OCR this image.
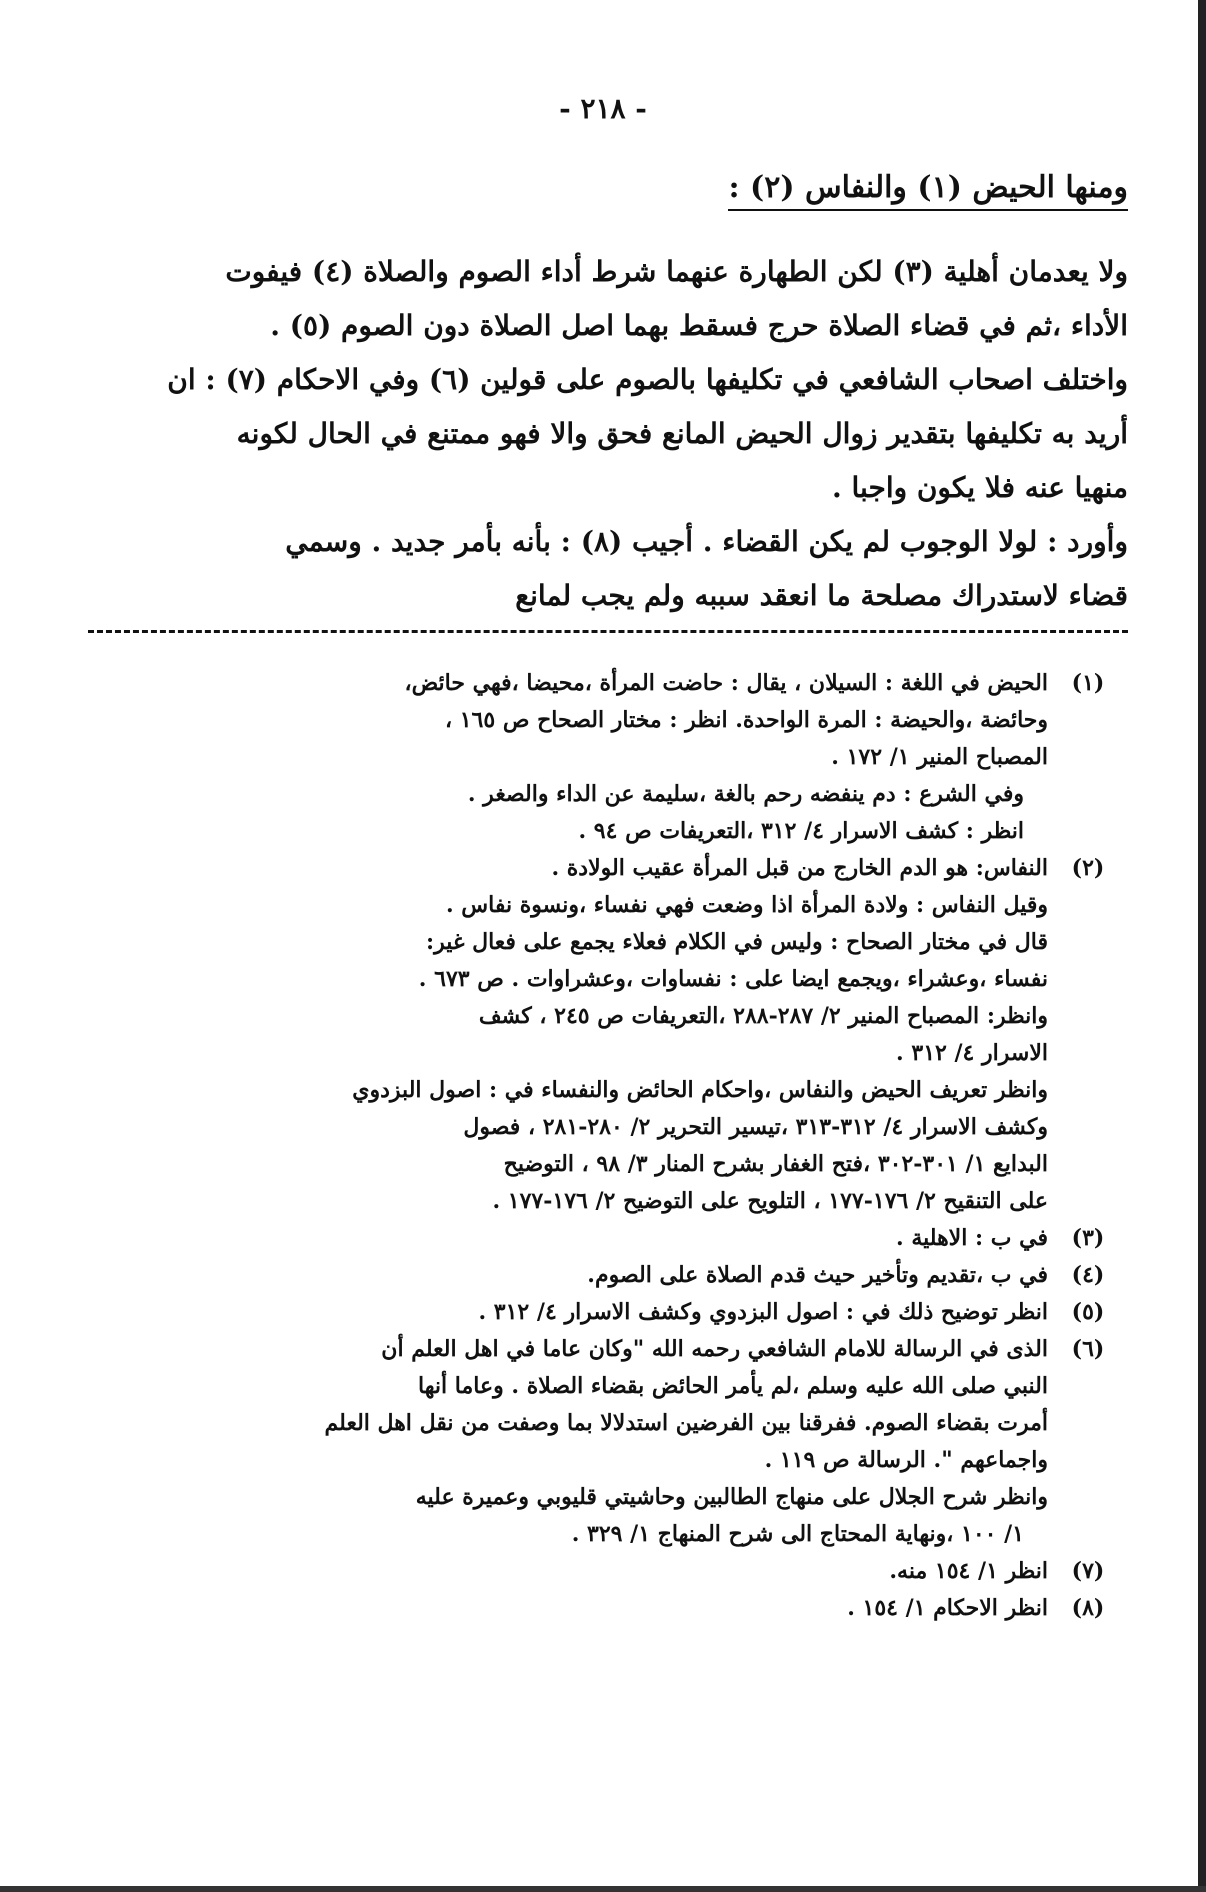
- ٢١٨ -
ومنها الحيض (١) والنفاس (٢) :

ولا يعدمان أهلية (٣) لكن الطهارة عنهما شرط أداء الصوم والصلاة (٤) فيفوت

الأداء ،ثم في قضاء الصلاة حرج فسقط بهما اصل الصلاة دون الصوم (٥) .

واختلف اصحاب الشافعي في تكليفها بالصوم على قولين (٦) وفي الاحكام (٧) : ان

أريد به تكليفها بتقدير زوال الحيض المانع فحق والا فهو ممتنع في الحال لكونه

منهيا عنه فلا يكون واجبا .

وأورد : لولا الوجوب لم يكن القضاء . أجيب (٨) : بأنه بأمر جديد . وسمي

قضاء لاستدراك مصلحة ما انعقد سببه ولم يجب لمانع

(١)

الحيض في اللغة : السيلان ، يقال : حاضت المرأة ،محيضا ،فهي حائض،

وحائضة ،والحيضة : المرة الواحدة. انظر : مختار الصحاح ص ١٦٥ ،

المصباح المنير ١/ ١٧٢ .

وفي الشرع : دم ينفضه رحم بالغة ،سليمة عن الداء والصغر .

انظر : كشف الاسرار ٤/ ٣١٢ ،التعريفات ص ٩٤ .

(٢)

النفاس: هو الدم الخارج من قبل المرأة عقيب الولادة .

وقيل النفاس : ولادة المرأة اذا وضعت فهي نفساء ،ونسوة نفاس .

قال في مختار الصحاح : وليس في الكلام فعلاء يجمع على فعال غير:

نفساء ،وعشراء ،ويجمع ايضا على : نفساوات ،وعشراوات . ص ٦٧٣ .

وانظر: المصباح المنير ٢/ ٢٨٧-٢٨٨ ،التعريفات ص ٢٤٥ ، كشف

الاسرار ٤/ ٣١٢ .

وانظر تعريف الحيض والنفاس ،واحكام الحائض والنفساء في : اصول البزدوي

وكشف الاسرار ٤/ ٣١٢-٣١٣ ،تيسير التحرير ٢/ ٢٨٠-٢٨١ ، فصول

البدايع ١/ ٣٠١-٣٠٢ ،فتح الغفار بشرح المنار ٣/ ٩٨ ، التوضيح

على التنقيح ٢/ ١٧٦-١٧٧ ، التلويح على التوضيح ٢/ ١٧٦-١٧٧ .

(٣)

في ب : الاهلية .

(٤)

في ب ،تقديم وتأخير حيث قدم الصلاة على الصوم.

(٥)

انظر توضيح ذلك في : اصول البزدوي وكشف الاسرار ٤/ ٣١٢ .

(٦)

الذى في الرسالة للامام الشافعي رحمه الله "وكان عاما في اهل العلم أن

النبي صلى الله عليه وسلم ،لم يأمر الحائض بقضاء الصلاة . وعاما أنها

أمرت بقضاء الصوم. ففرقنا بين الفرضين استدلالا بما وصفت من نقل اهل العلم

واجماعهم ". الرسالة ص ١١٩ .

وانظر شرح الجلال على منهاج الطالبين وحاشيتي قليوبي وعميرة عليه

١/ ١٠٠ ،ونهاية المحتاج الى شرح المنهاج ١/ ٣٢٩ .

(٧)

انظر ١/ ١٥٤ منه.

(٨)

انظر الاحكام ١/ ١٥٤ .
